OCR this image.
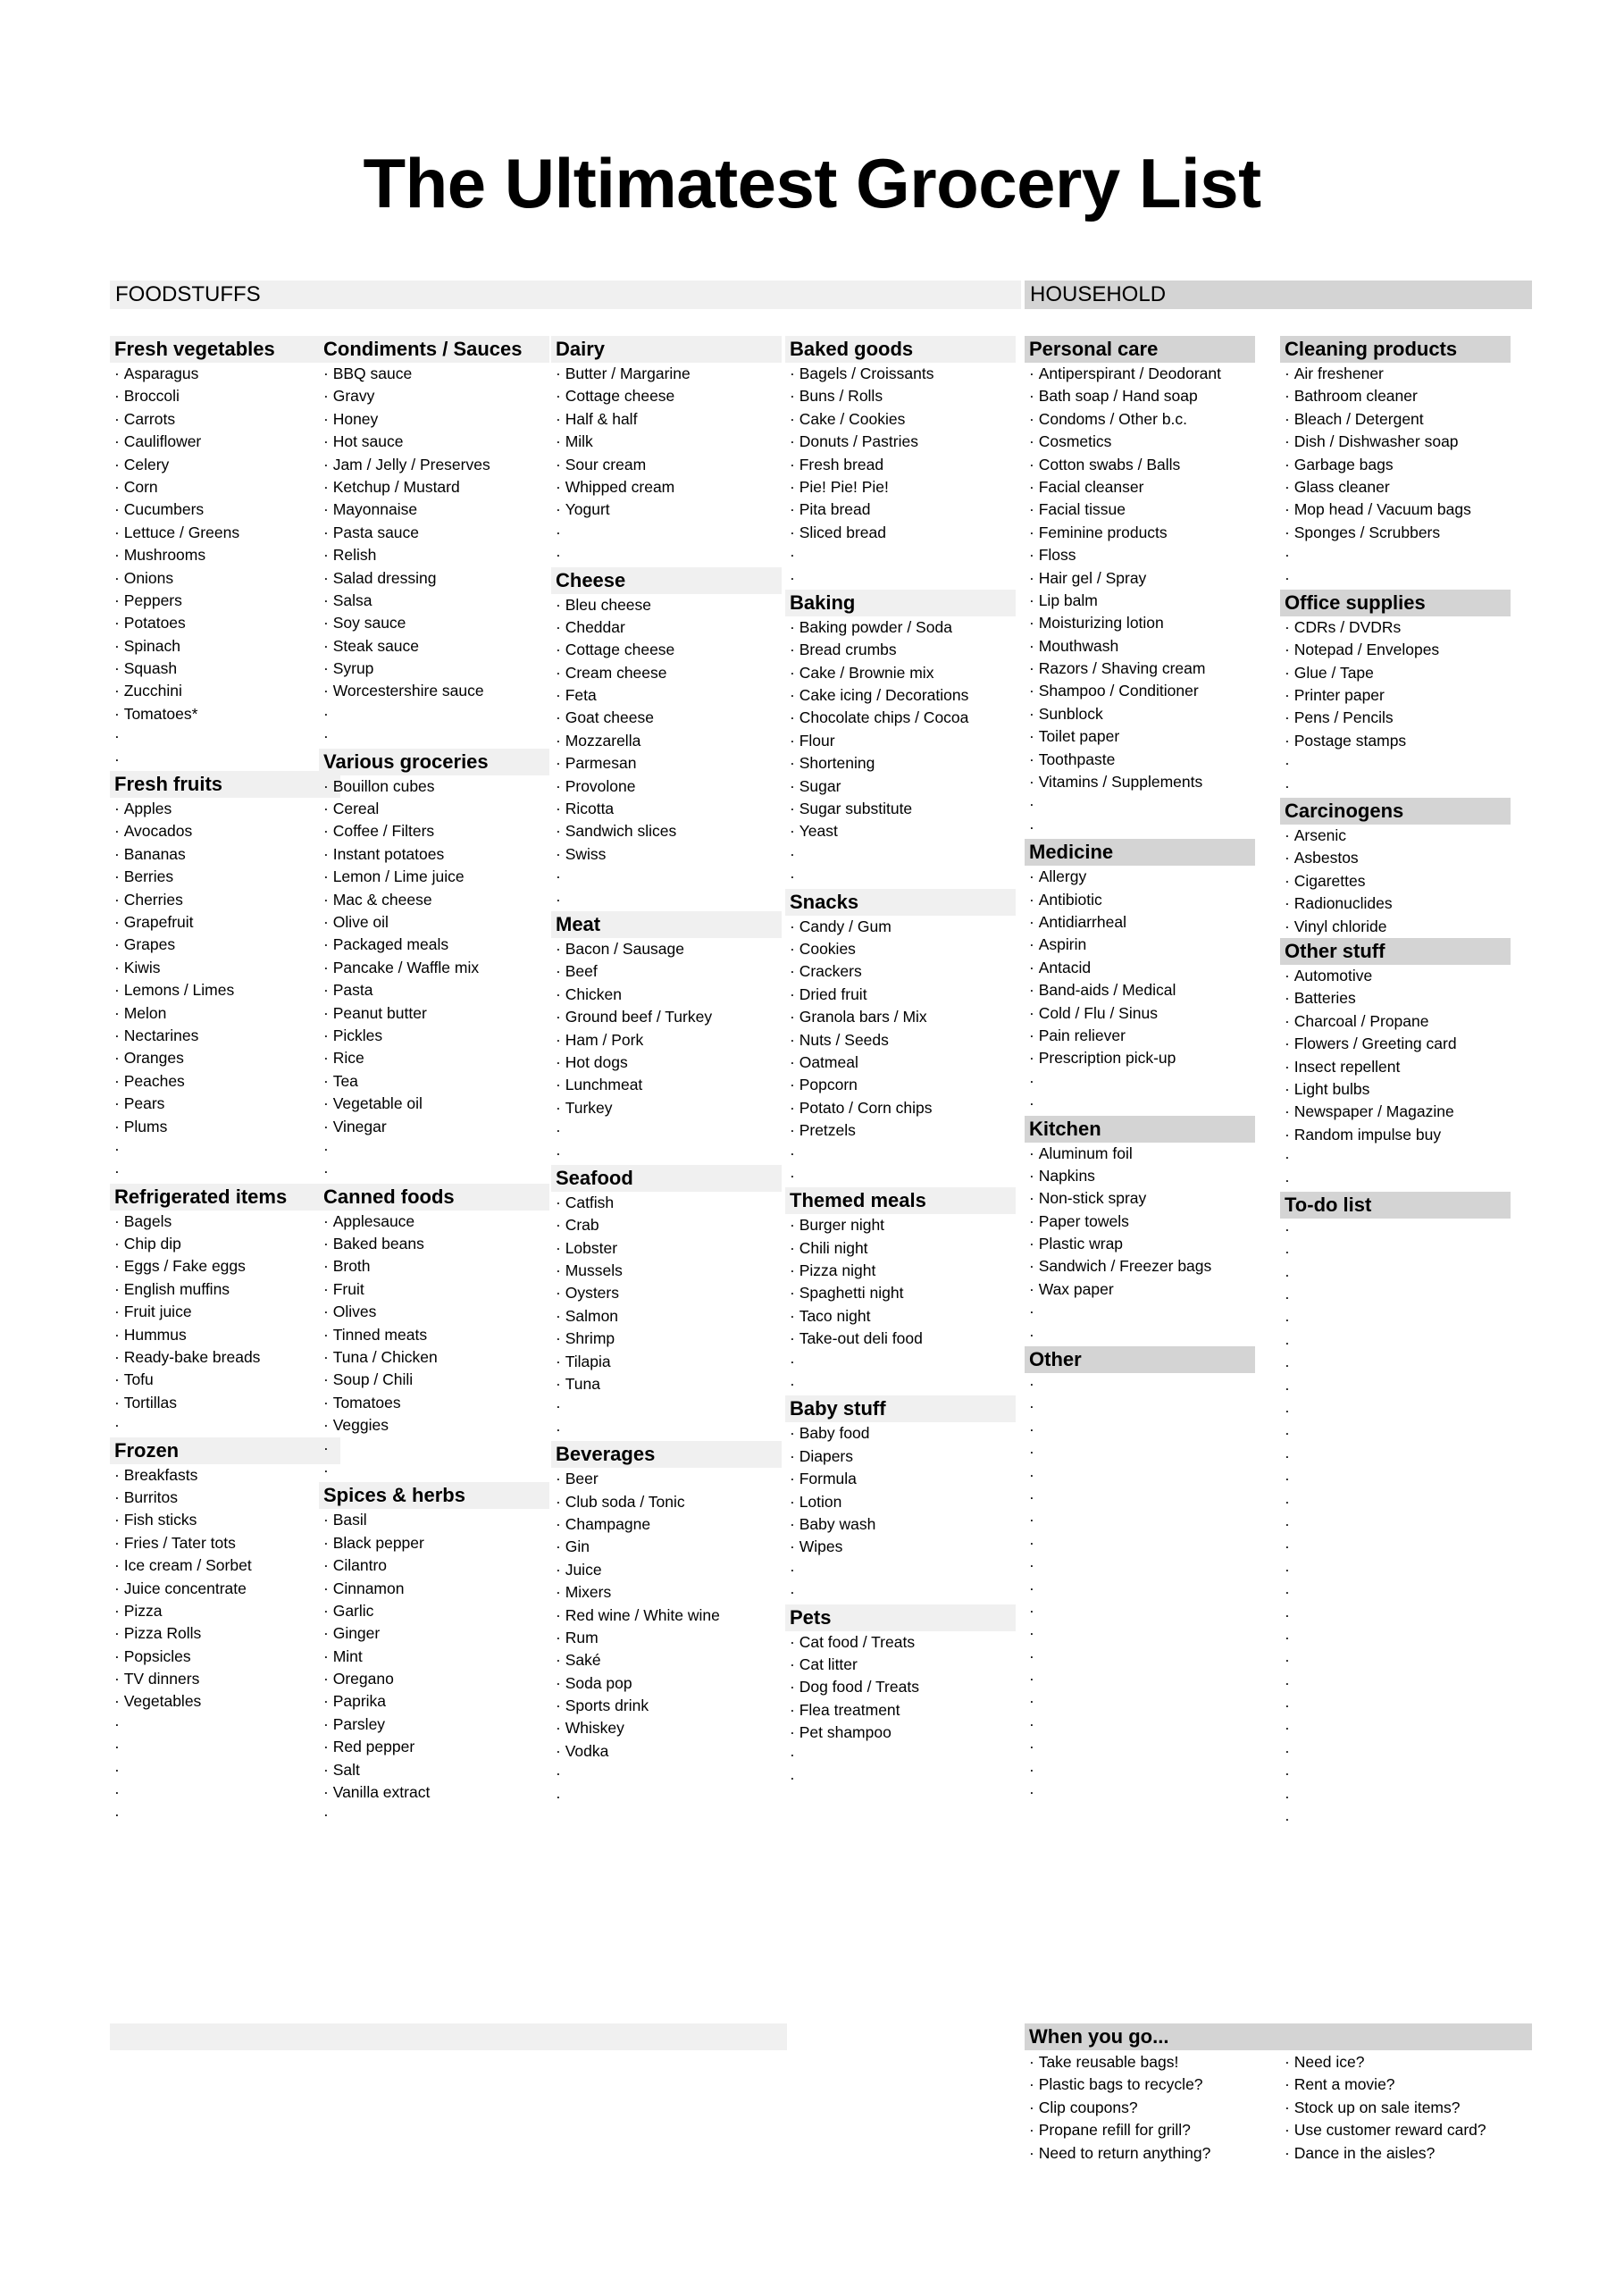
The Ultimatest Grocery List
FOODSTUFFS	HOUSEHOLD
Fresh vegetables
· Asparagus
· Broccoli
· Carrots
· Cauliflower
· Celery
· Corn
· Cucumbers
· Lettuce / Greens
· Mushrooms
· Onions
· Peppers
· Potatoes
· Spinach
· Squash
· Zucchini
· Tomatoes*
·
·
Fresh fruits
· Apples
· Avocados
· Bananas
· Berries
· Cherries
· Grapefruit
· Grapes
· Kiwis
· Lemons / Limes
· Melon
· Nectarines
· Oranges
· Peaches
· Pears
· Plums
·
·
Refrigerated items
· Bagels
· Chip dip
· Eggs / Fake eggs
· English muffins
· Fruit juice
· Hummus
· Ready-bake breads
· Tofu
· Tortillas
·
Frozen
· Breakfasts
· Burritos
· Fish sticks
· Fries / Tater tots
· Ice cream / Sorbet
· Juice concentrate
· Pizza
· Pizza Rolls
· Popsicles
· TV dinners
· Vegetables
·
·
·
·
·
Condiments / Sauces
· BBQ sauce
· Gravy
· Honey
· Hot sauce
· Jam / Jelly / Preserves
· Ketchup / Mustard
· Mayonnaise
· Pasta sauce
· Relish
· Salad dressing
· Salsa
· Soy sauce
· Steak sauce
· Syrup
· Worcestershire sauce
·
·
Various groceries
· Bouillon cubes
· Cereal
· Coffee / Filters
· Instant potatoes
· Lemon / Lime juice
· Mac & cheese
· Olive oil
· Packaged meals
· Pancake / Waffle mix
· Pasta
· Peanut butter
· Pickles
· Rice
· Tea
· Vegetable oil
· Vinegar
·
·
Canned foods
· Applesauce
· Baked beans
· Broth
· Fruit
· Olives
· Tinned meats
· Tuna / Chicken
· Soup / Chili
· Tomatoes
· Veggies
·
·
Spices & herbs
· Basil
· Black pepper
· Cilantro
· Cinnamon
· Garlic
· Ginger
· Mint
· Oregano
· Paprika
· Parsley
· Red pepper
· Salt
· Vanilla extract
·
Dairy
· Butter / Margarine
· Cottage cheese
· Half & half
· Milk
· Sour cream
· Whipped cream
· Yogurt
·
·
Cheese
· Bleu cheese
· Cheddar
· Cottage cheese
· Cream cheese
· Feta
· Goat cheese
· Mozzarella
· Parmesan
· Provolone
· Ricotta
· Sandwich slices
· Swiss
·
·
Meat
· Bacon / Sausage
· Beef
· Chicken
· Ground beef / Turkey
· Ham / Pork
· Hot dogs
· Lunchmeat
· Turkey
·
·
Seafood
· Catfish
· Crab
· Lobster
· Mussels
· Oysters
· Salmon
· Shrimp
· Tilapia
· Tuna
·
·
Beverages
· Beer
· Club soda / Tonic
· Champagne
· Gin
· Juice
· Mixers
· Red wine / White wine
· Rum
· Saké
· Soda pop
· Sports drink
· Whiskey
· Vodka
·
·
Baked goods
· Bagels / Croissants
· Buns / Rolls
· Cake / Cookies
· Donuts / Pastries
· Fresh bread
· Pie! Pie! Pie!
· Pita bread
· Sliced bread
·
·
Baking
· Baking powder / Soda
· Bread crumbs
· Cake / Brownie mix
· Cake icing / Decorations
· Chocolate chips / Cocoa
· Flour
· Shortening
· Sugar
· Sugar substitute
· Yeast
·
·
Snacks
· Candy / Gum
· Cookies
· Crackers
· Dried fruit
· Granola bars / Mix
· Nuts / Seeds
· Oatmeal
· Popcorn
· Potato / Corn chips
· Pretzels
·
·
Themed meals
· Burger night
· Chili night
· Pizza night
· Spaghetti night
· Taco night
· Take-out deli food
·
·
Baby stuff
· Baby food
· Diapers
· Formula
· Lotion
· Baby wash
· Wipes
·
·
Pets
· Cat food / Treats
· Cat litter
· Dog food / Treats
· Flea treatment
· Pet shampoo
·
·
Personal care
· Antiperspirant / Deodorant
· Bath soap / Hand soap
· Condoms / Other b.c.
· Cosmetics
· Cotton swabs / Balls
· Facial cleanser
· Facial tissue
· Feminine products
· Floss
· Hair gel / Spray
· Lip balm
· Moisturizing lotion
· Mouthwash
· Razors / Shaving cream
· Shampoo / Conditioner
· Sunblock
· Toilet paper
· Toothpaste
· Vitamins / Supplements
·
·
Medicine
· Allergy
· Antibiotic
· Antidiarrheal
· Aspirin
· Antacid
· Band-aids / Medical
· Cold / Flu / Sinus
· Pain reliever
· Prescription pick-up
·
·
Kitchen
· Aluminum foil
· Napkins
· Non-stick spray
· Paper towels
· Plastic wrap
· Sandwich / Freezer bags
· Wax paper
·
·
Other
·
·
·
·
·
·
·
·
·
·
·
·
·
·
·
·
·
·
·
Cleaning products
· Air freshener
· Bathroom cleaner
· Bleach / Detergent
· Dish / Dishwasher soap
· Garbage bags
· Glass cleaner
· Mop head / Vacuum bags
· Sponges / Scrubbers
·
·
Office supplies
· CDRs / DVDRs
· Notepad / Envelopes
· Glue / Tape
· Printer paper
· Pens / Pencils
· Postage stamps
·
·
Carcinogens
· Arsenic
· Asbestos
· Cigarettes
· Radionuclides
· Vinyl chloride
Other stuff
· Automotive
· Batteries
· Charcoal / Propane
· Flowers / Greeting card
· Insect repellent
· Light bulbs
· Newspaper / Magazine
· Random impulse buy
·
·
To-do list
·
·
·
·
·
·
·
·
·
·
·
·
·
·
·
·
·
·
·
·
·
·
·
·
·
·
·
When you go...
· Take reusable bags!
· Plastic bags to recycle?
· Clip coupons?
· Propane refill for grill?
· Need to return anything?
· Need ice?
· Rent a movie?
· Stock up on sale items?
· Use customer reward card?
· Dance in the aisles?
